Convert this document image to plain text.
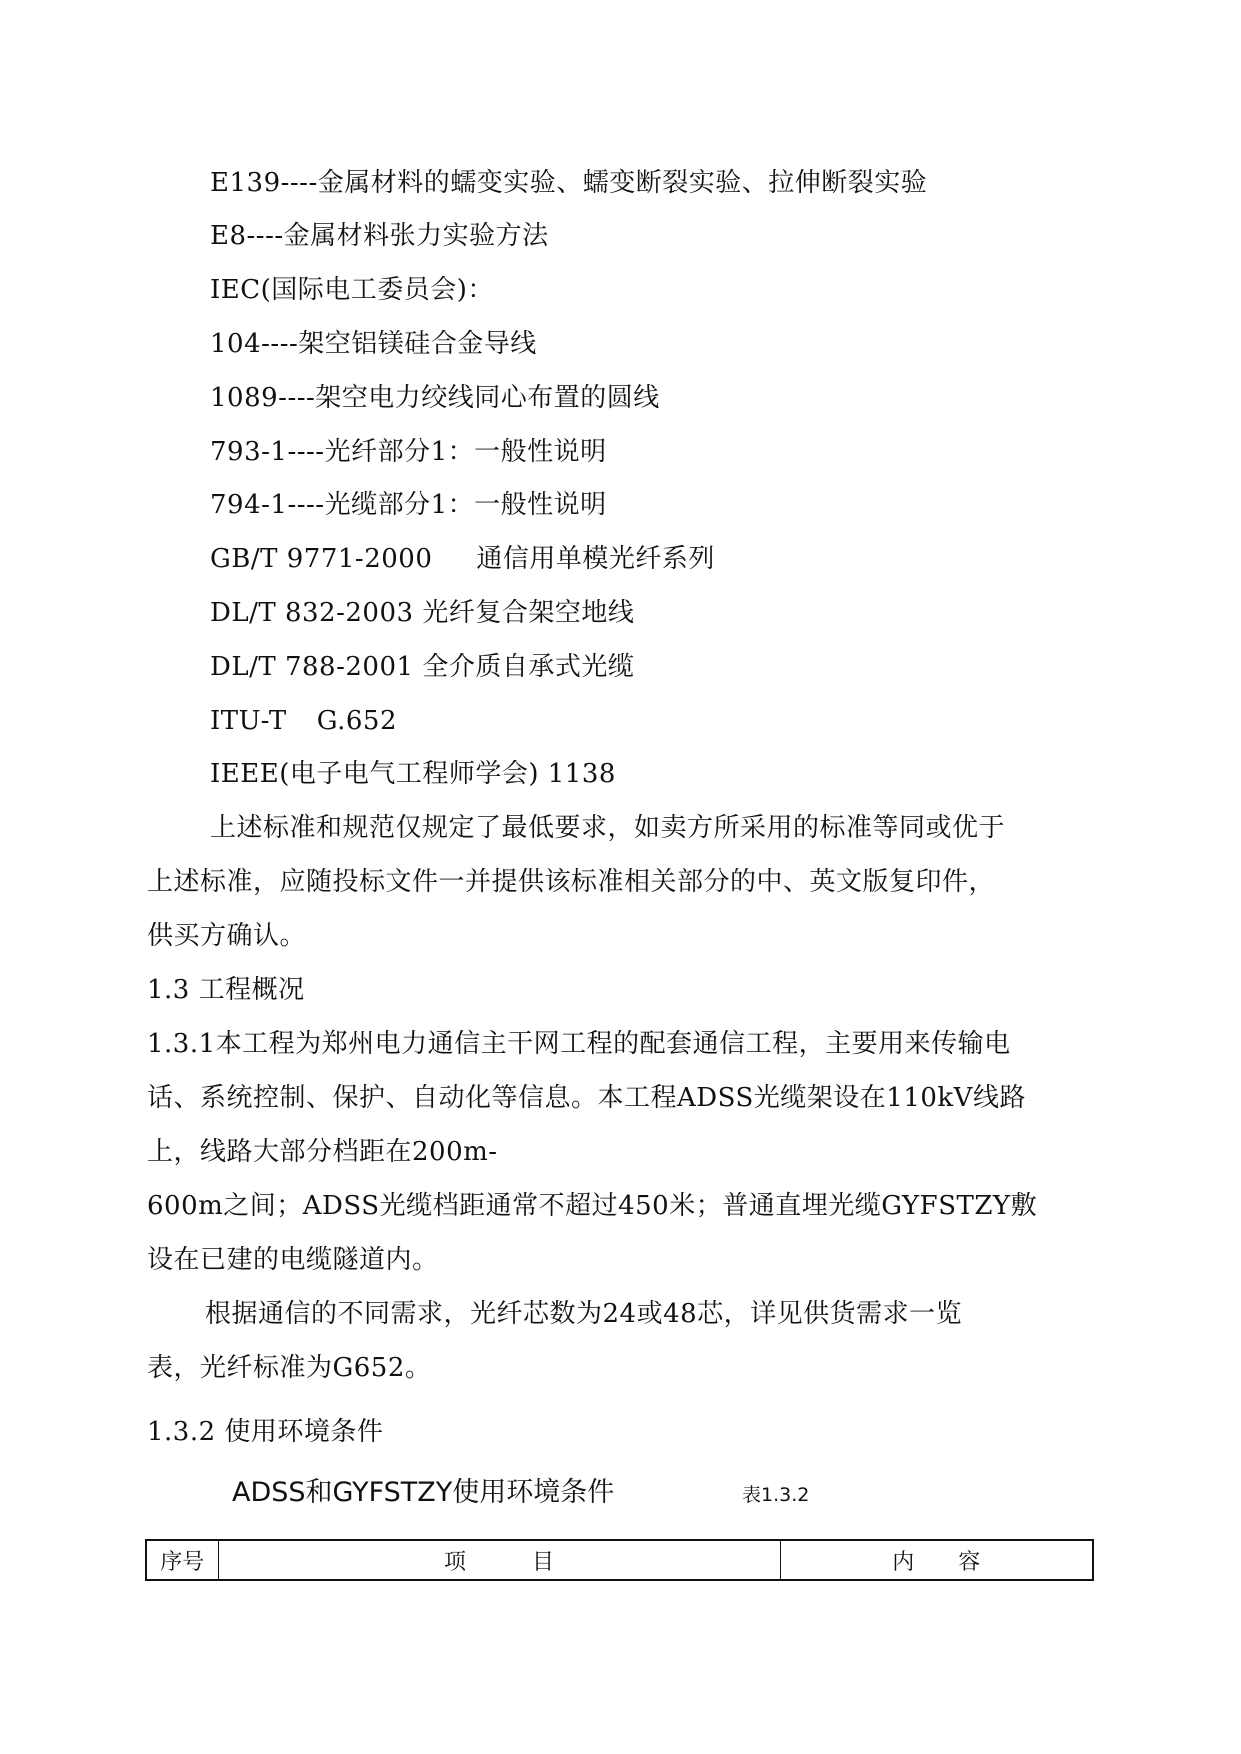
E139----金属材料的蠕变实验、蠕变断裂实验、拉伸断裂实验
E8----金属材料张力实验方法
IEC(国际电工委员会)：
104----架空铝镁硅合金导线
1089----架空电力绞线同心布置的圆线
793-1----光纤部分1：一般性说明
794-1----光缆部分1：一般性说明
GB/T 9771-2000 通信用单模光纤系列
DL/T 832-2003 光纤复合架空地线
DL/T 788-2001 全介质自承式光缆
ITU-T G.652
IEEE(电子电气工程师学会) 1138
上述标准和规范仅规定了最低要求，如卖方所采用的标准等同或优于
上述标准，应随投标文件一并提供该标准相关部分的中、英文版复印件，
供买方确认。
1.3 工程概况
1.3.1本工程为郑州电力通信主干网工程的配套通信工程，主要用来传输电
话、系统控制、保护、自动化等信息。本工程ADSS光缆架设在110kV线路
上，线路大部分档距在200m-
600m之间；ADSS光缆档距通常不超过450米；普通直埋光缆GYFSTZY敷
设在已建的电缆隧道内。
根据通信的不同需求，光纤芯数为24或48芯，详见供货需求一览
表，光纤标准为G652。
1.3.2 使用环境条件
ADSS和GYFSTZY使用环境条件	表1.3.2
序号	项　　　目	内　　容
